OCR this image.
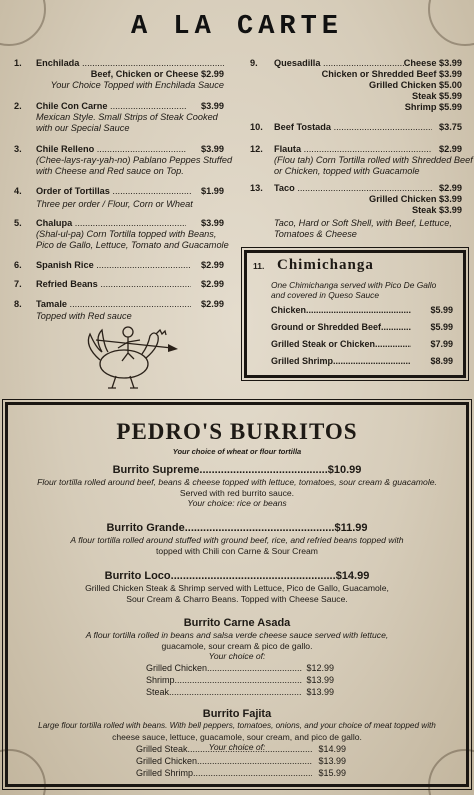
A LA CARTE
1. Enchilada .....
Beef, Chicken or Cheese $2.99
Your Choice Topped with Enchilada Sauce
2. Chile Con Carne .....	$3.99
Mexican Style. Small Strips of Steak Cooked
with our Special Sauce
3. Chile Relleno .....	$3.99
(Chee-lays-ray-yah-no) Pablano Peppes Stuffed
with Cheese and Red sauce on Top.
4. Order of Tortillas .....	$1.99
Three per order / Flour, Corn or Wheat
5. Chalupa .....	$3.99
(Shal-ul-pa) Corn Tortilla topped with Beans,
Pico de Gallo, Lettuce, Tomato and Guacamole
6. Spanish Rice .....	$2.99
7. Refried Beans .....	$2.99
8. Tamale .....	$2.99
Topped with Red sauce
9. Quesadilla .....	Cheese $3.99
Chicken or Shredded Beef $3.99
Grilled Chicken $5.00
Steak $5.99
Shrimp $5.99
10. Beef Tostada .....	$3.75
12. Flauta .....	$2.99
(Flou tah) Corn Tortilla rolled with Shredded Beef
or Chicken, topped with Guacamole
13. Taco .....	$2.99
Grilled Chicken $3.99
Steak $3.99
Taco, Hard or Soft Shell, with Beef, Lettuce,
Tomatoes & Cheese
11. Chimichanga
One Chimichanga served with Pico De Gallo
and covered in Queso Sauce
Chicken .....	$5.99
Ground or Shredded Beef .....	$5.99
Grilled Steak or Chicken .....	$7.99
Grilled Shrimp .....	$8.99
PEDRO'S BURRITOS
Your choice of wheat or flour tortilla
Burrito Supreme..........................................$10.99
Flour tortilla rolled around beef, beans & cheese topped with lettuce, tomatoes, sour cream & guacamole.
Served with red burrito sauce.
Your choice: rice or beans
Burrito Grande.................................................$11.99
A flour tortilla rolled around stuffed with ground beef, rice, and refried beans topped with
topped with Chili con Carne & Sour Cream
Burrito Loco......................................................$14.99
Grilled Chicken Steak & Shrimp served with Lettuce, Pico de Gallo, Guacamole,
Sour Cream & Charro Beans. Topped with Cheese Sauce.
Burrito Carne Asada
A flour tortilla rolled in beans and salsa verde cheese sauce served with lettuce,
guacamole, sour cream & pico de gallo.
Your choice of:
Grilled Chicken .....	$12.99
Shrimp .....	$13.99
Steak .....	$13.99
Burrito Fajita
Large flour tortilla rolled with beans. With bell peppers, tomatoes, onions, and your choice of meat topped with
cheese sauce, lettuce, guacamole, sour cream, and pico de gallo.
Your choice of:
Grilled Steak .....	$14.99
Grilled Chicken .....	$13.99
Grilled Shrimp .....	$15.99
